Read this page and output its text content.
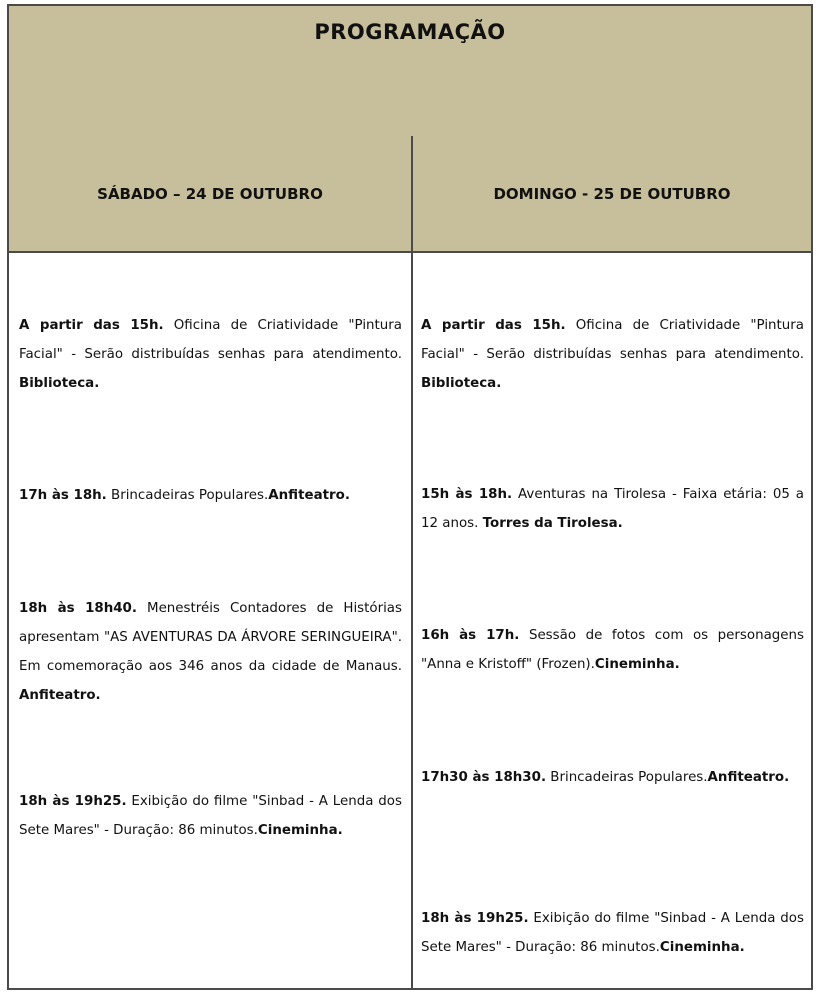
PROGRAMAÇÃO
SÁBADO – 24 DE OUTUBRO	DOMINGO - 25 DE OUTUBRO
A partir das 15h. Oficina de Criatividade "Pintura Facial" - Serão distribuídas senhas para atendimento. Biblioteca.
17h às 18h. Brincadeiras Populares.Anfiteatro.
18h às 18h40. Menestréis Contadores de Histórias apresentam "AS AVENTURAS DA ÁRVORE SERINGUEIRA". Em comemoração aos 346 anos da cidade de Manaus. Anfiteatro.
18h às 19h25. Exibição do filme "Sinbad - A Lenda dos Sete Mares" - Duração: 86 minutos.Cineminha.
A partir das 15h. Oficina de Criatividade "Pintura Facial" - Serão distribuídas senhas para atendimento. Biblioteca.
15h às 18h. Aventuras na Tirolesa - Faixa etária: 05 a 12 anos. Torres da Tirolesa.
16h às 17h. Sessão de fotos com os personagens "Anna e Kristoff" (Frozen).Cineminha.
17h30 às 18h30. Brincadeiras Populares.Anfiteatro.
18h às 19h25. Exibição do filme "Sinbad - A Lenda dos Sete Mares" - Duração: 86 minutos.Cineminha.
